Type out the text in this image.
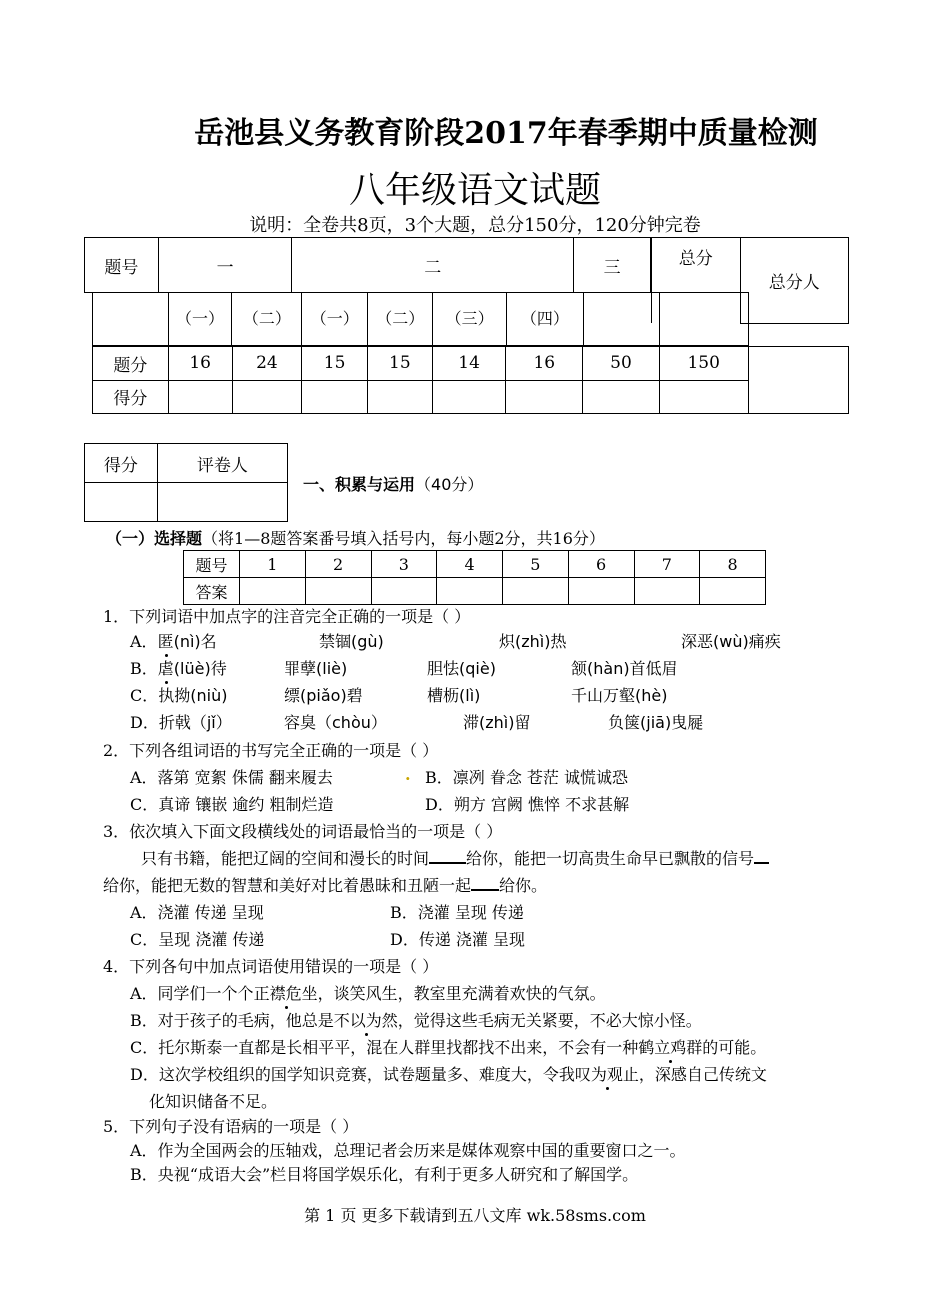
岳池县义务教育阶段2017年春季期中质量检测
八年级语文试题
说明：全卷共8页，3个大题，总分150分，120分钟完卷
题号	一	二	三	总分	总分人
	（一）	（二）	（一）	（二）	（三）	（四）		
题分	16	24	15	15	14	16	50	150	
得分									
得分	评卷人

一、积累与运用（40分）
（一）选择题（将1—8题答案番号填入括号内，每小题2分，共16分）
题号	1	2	3	4	5	6	7	8
答案								
1．下列词语中加点字的注音完全正确的一项是（ ）
A．匿(nì)名	禁锢(gù)	炽(zhì)热	深恶(wù)痛疾
B．虐(lüè)待	罪孽(liè)	胆怯(qiè)	颔(hàn)首低眉
C．执拗(niù)	缥(piǎo)碧	槽枥(lì)	千山万壑(hè)
D．折戟（jǐ）	容臭（chòu）	滞(zhì)留	负箧(jiā)曳屣
2．下列各组词语的书写完全正确的一项是（ ）
A．落第 宽絮 侏儒 翻来履去	. B．凛冽 眷念 苍茫 诚慌诚恐
C．真谛 镶嵌 逾约 粗制烂造	D．朔方 宫阙 憔悴 不求甚解
3．依次填入下面文段横线处的词语最恰当的一项是（ ）
只有书籍，能把辽阔的空间和漫长的时间 给你，能把一切高贵生命早已飘散的信号
给你，能把无数的智慧和美好对比着愚昧和丑陋一起 给你。
A．浇灌 传递 呈现	B．浇灌 呈现 传递
C．呈现 浇灌 传递	D．传递 浇灌 呈现
4．下列各句中加点词语使用错误的一项是（ ）
A．同学们一个个正襟危坐，谈笑风生，教室里充满着欢快的气氛。
B．对于孩子的毛病，他总是不以为然，觉得这些毛病无关紧要，不必大惊小怪。
C．托尔斯泰一直都是长相平平，混在人群里找都找不出来，不会有一种鹤立鸡群的可能。
D．这次学校组织的国学知识竞赛，试卷题量多、难度大，令我叹为观止，深感自己传统文
化知识储备不足。
5．下列句子没有语病的一项是（ ）
A．作为全国两会的压轴戏，总理记者会历来是媒体观察中国的重要窗口之一。
B．央视“成语大会”栏目将国学娱乐化，有利于更多人研究和了解国学。
第 1 页 更多下载请到五八文库 wk.58sms.com
